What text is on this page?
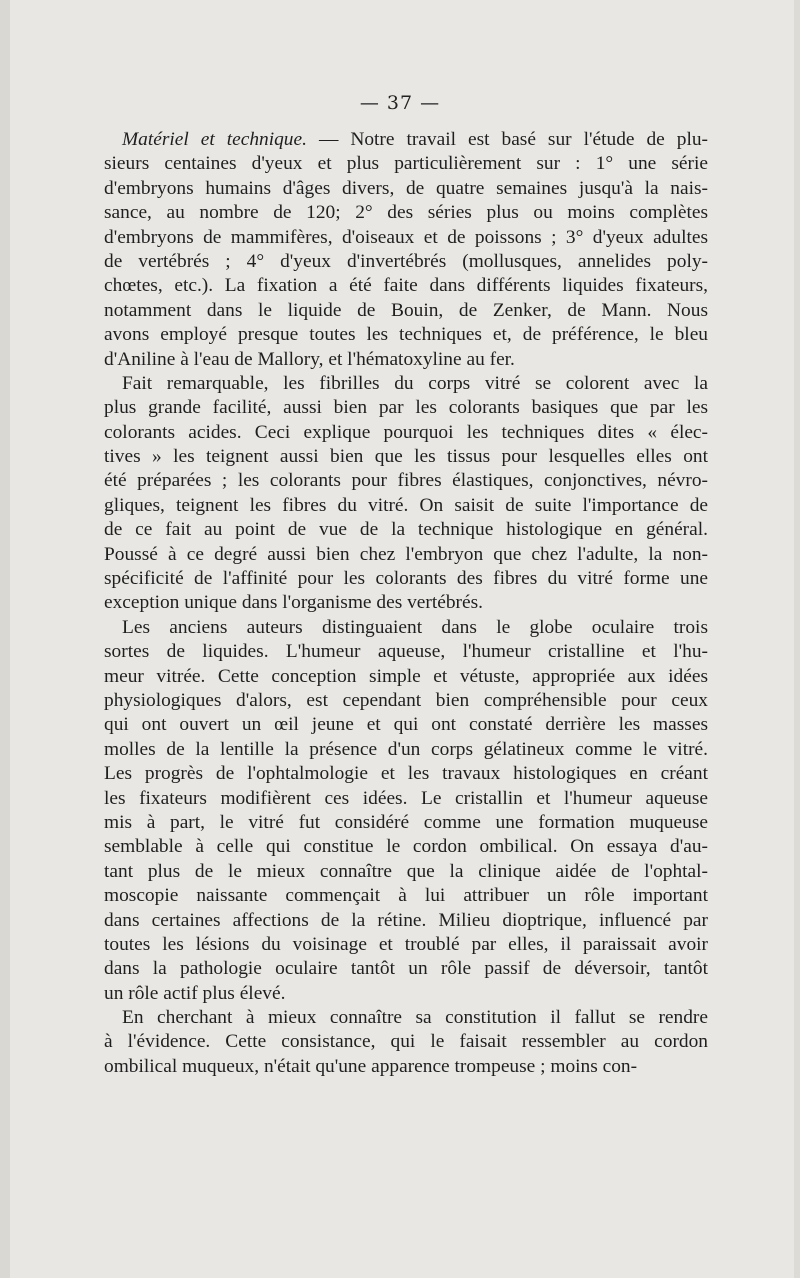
— 37 —
Matériel et technique. — Notre travail est basé sur l'étude de plu-
sieurs centaines d'yeux et plus particulièrement sur : 1° une série
d'embryons humains d'âges divers, de quatre semaines jusqu'à la nais-
sance, au nombre de 120; 2° des séries plus ou moins complètes
d'embryons de mammifères, d'oiseaux et de poissons ; 3° d'yeux adultes
de vertébrés ; 4° d'yeux d'invertébrés (mollusques, annelides poly-
chœtes, etc.). La fixation a été faite dans différents liquides fixateurs,
notamment dans le liquide de Bouin, de Zenker, de Mann. Nous
avons employé presque toutes les techniques et, de préférence, le bleu
d'Aniline à l'eau de Mallory, et l'hématoxyline au fer.
Fait remarquable, les fibrilles du corps vitré se colorent avec la
plus grande facilité, aussi bien par les colorants basiques que par les
colorants acides. Ceci explique pourquoi les techniques dites « élec-
tives » les teignent aussi bien que les tissus pour lesquelles elles ont
été préparées ; les colorants pour fibres élastiques, conjonctives, névro-
gliques, teignent les fibres du vitré. On saisit de suite l'importance de
de ce fait au point de vue de la technique histologique en général.
Poussé à ce degré aussi bien chez l'embryon que chez l'adulte, la non-
spécificité de l'affinité pour les colorants des fibres du vitré forme une
exception unique dans l'organisme des vertébrés.
Les anciens auteurs distinguaient dans le globe oculaire trois
sortes de liquides. L'humeur aqueuse, l'humeur cristalline et l'hu-
meur vitrée. Cette conception simple et vétuste, appropriée aux idées
physiologiques d'alors, est cependant bien compréhensible pour ceux
qui ont ouvert un œil jeune et qui ont constaté derrière les masses
molles de la lentille la présence d'un corps gélatineux comme le vitré.
Les progrès de l'ophtalmologie et les travaux histologiques en créant
les fixateurs modifièrent ces idées. Le cristallin et l'humeur aqueuse
mis à part, le vitré fut considéré comme une formation muqueuse
semblable à celle qui constitue le cordon ombilical. On essaya d'au-
tant plus de le mieux connaître que la clinique aidée de l'ophtal-
moscopie naissante commençait à lui attribuer un rôle important
dans certaines affections de la rétine. Milieu dioptrique, influencé par
toutes les lésions du voisinage et troublé par elles, il paraissait avoir
dans la pathologie oculaire tantôt un rôle passif de déversoir, tantôt
un rôle actif plus élevé.
En cherchant à mieux connaître sa constitution il fallut se rendre
à l'évidence. Cette consistance, qui le faisait ressembler au cordon
ombilical muqueux, n'était qu'une apparence trompeuse ; moins con-
